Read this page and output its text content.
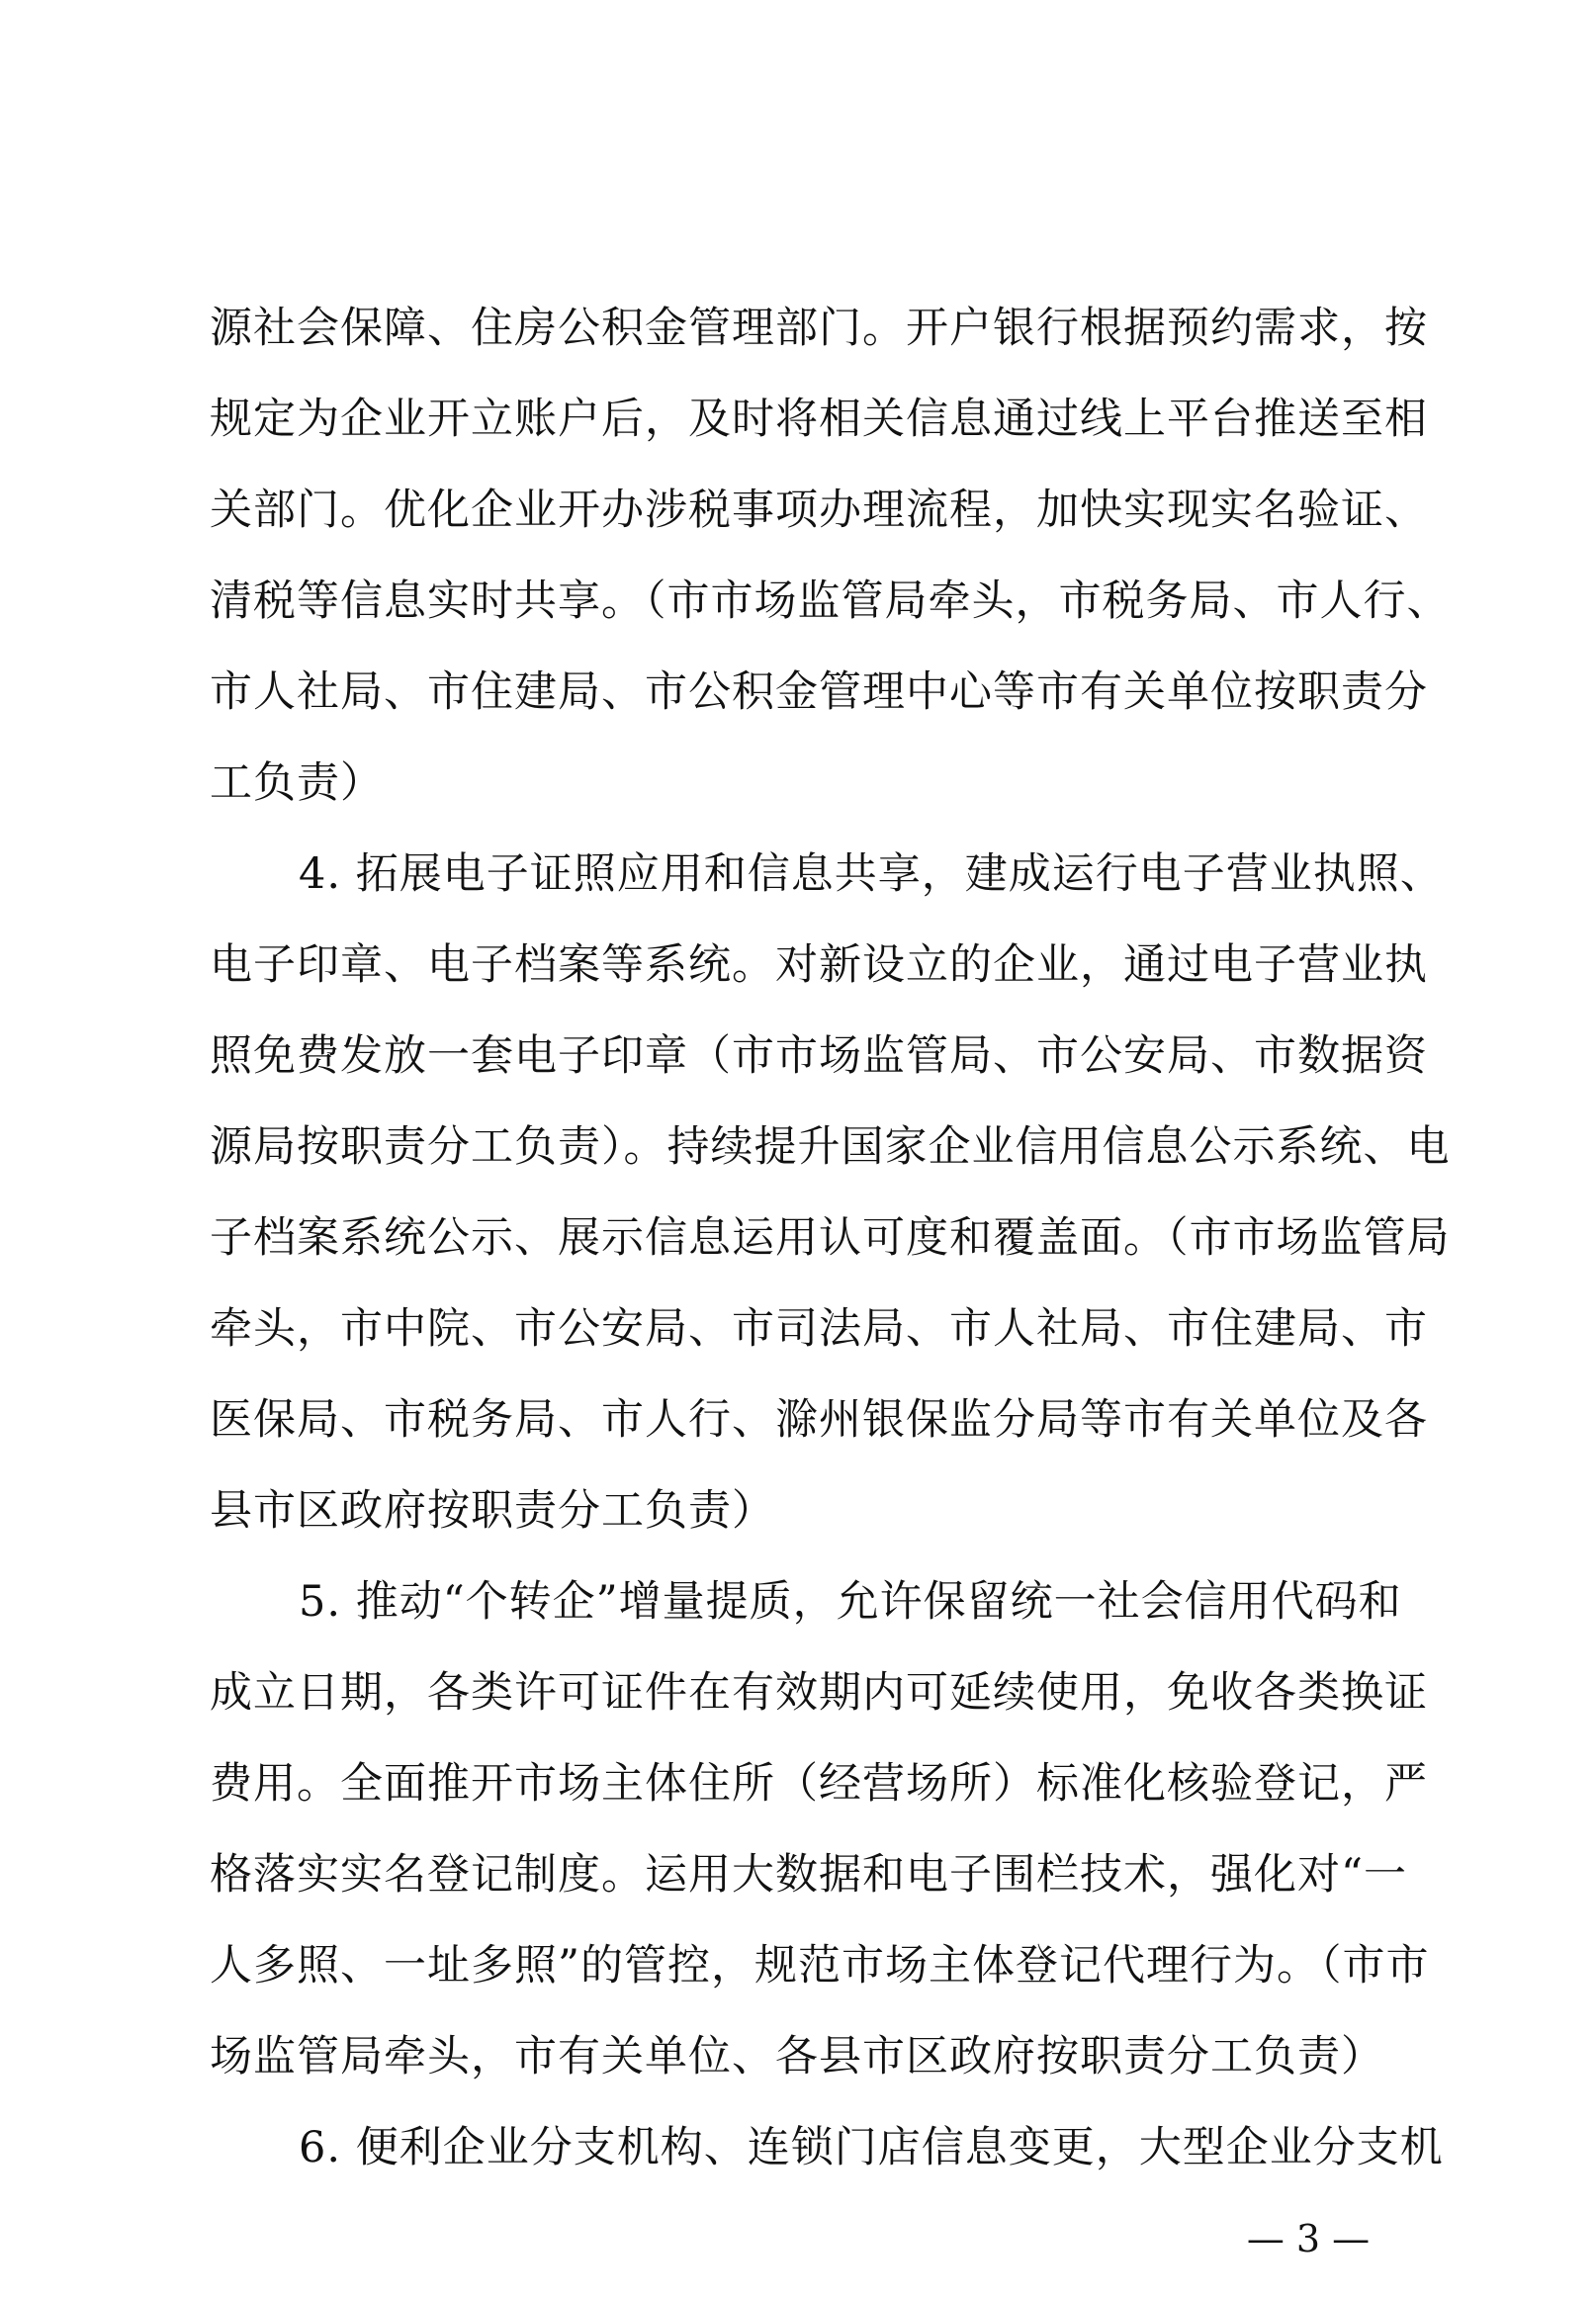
源社会保障、住房公积金管理部门。开户银行根据预约需求，按
规定为企业开立账户后，及时将相关信息通过线上平台推送至相
关部门。优化企业开办涉税事项办理流程，加快实现实名验证、
清税等信息实时共享。（市市场监管局牵头，市税务局、市人行、
市人社局、市住建局、市公积金管理中心等市有关单位按职责分
工负责）
4. 拓展电子证照应用和信息共享，建成运行电子营业执照、
电子印章、电子档案等系统。对新设立的企业，通过电子营业执
照免费发放一套电子印章（市市场监管局、市公安局、市数据资
源局按职责分工负责）。持续提升国家企业信用信息公示系统、电
子档案系统公示、展示信息运用认可度和覆盖面。（市市场监管局
牵头，市中院、市公安局、市司法局、市人社局、市住建局、市
医保局、市税务局、市人行、滁州银保监分局等市有关单位及各
县市区政府按职责分工负责）
5. 推动“个转企”增量提质，允许保留统一社会信用代码和
成立日期，各类许可证件在有效期内可延续使用，免收各类换证
费用。全面推开市场主体住所（经营场所）标准化核验登记，严
格落实实名登记制度。运用大数据和电子围栏技术，强化对“一
人多照、一址多照”的管控，规范市场主体登记代理行为。（市市
场监管局牵头，市有关单位、各县市区政府按职责分工负责）
6. 便利企业分支机构、连锁门店信息变更，大型企业分支机
— 3 —
